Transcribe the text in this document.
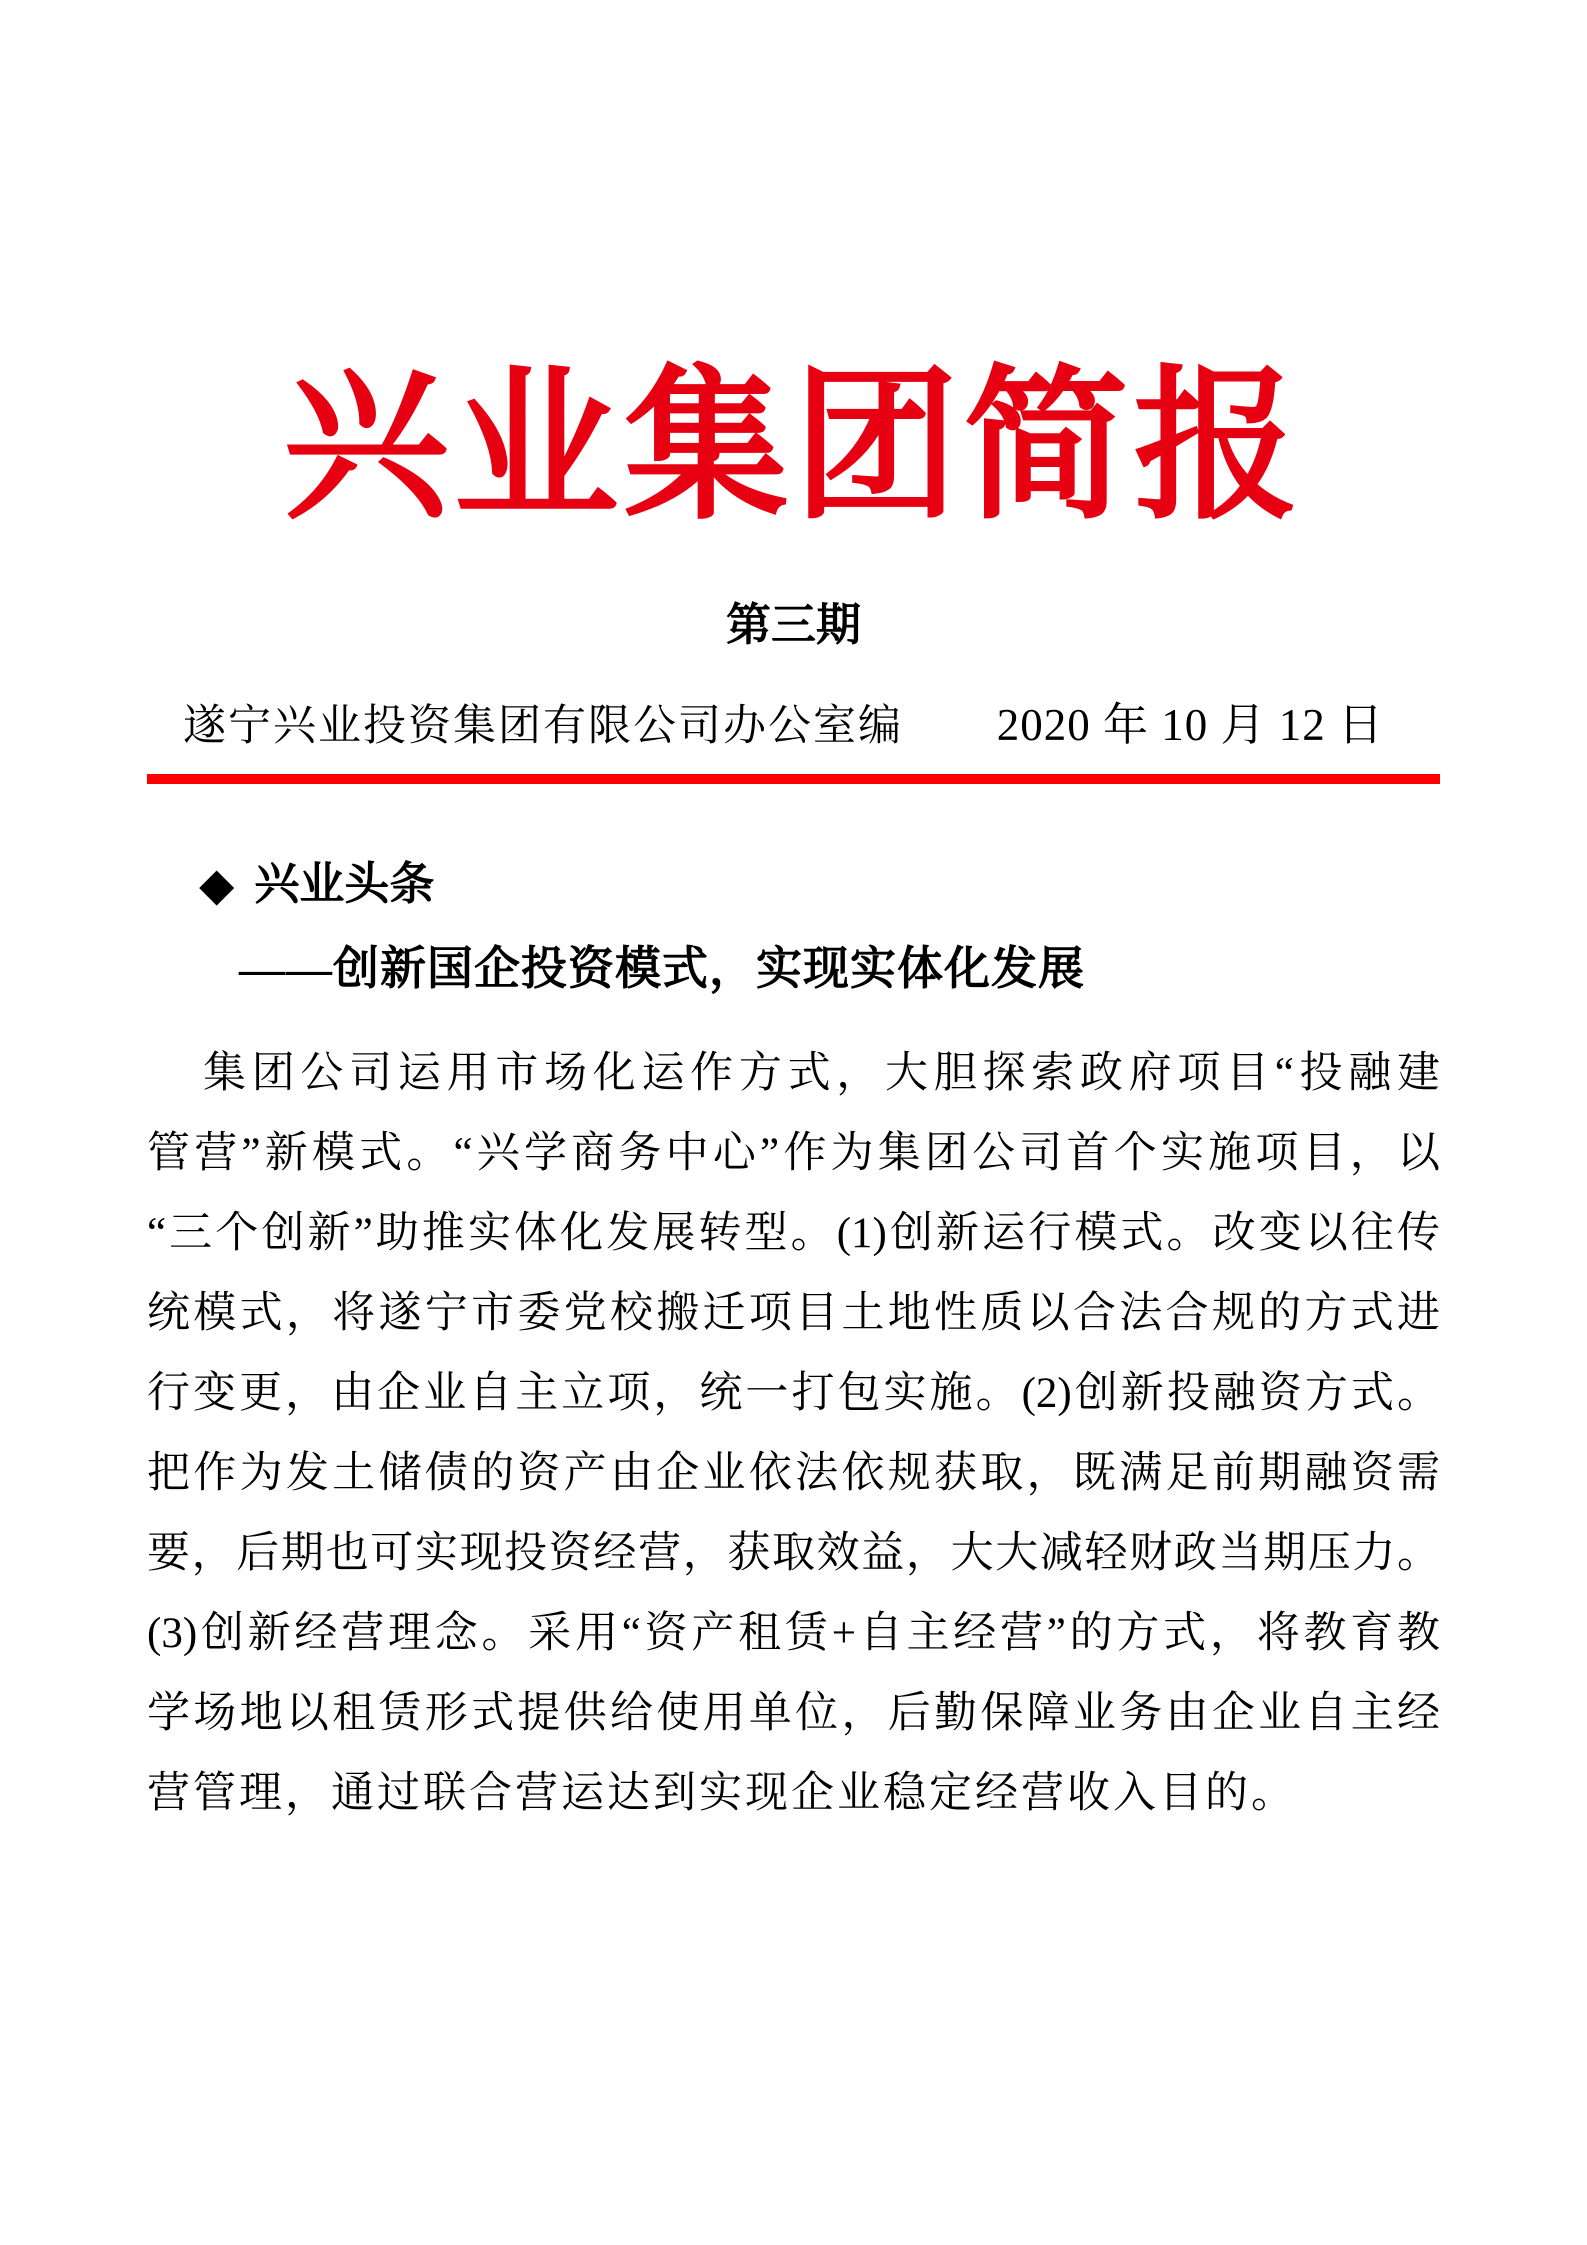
兴业集团简报
第三期
遂宁兴业投资集团有限公司办公室编 2020 年 10 月 12 日
◆ 兴业头条
——创新国企投资模式，实现实体化发展
集团公司运用市场化运作方式，大胆探索政府项目“投融建
管营”新模式。“兴学商务中心”作为集团公司首个实施项目，以
“三个创新”助推实体化发展转型。(1)创新运行模式。改变以往传
统模式，将遂宁市委党校搬迁项目土地性质以合法合规的方式进
行变更，由企业自主立项，统一打包实施。(2)创新投融资方式。
把作为发土储债的资产由企业依法依规获取，既满足前期融资需
要，后期也可实现投资经营，获取效益，大大减轻财政当期压力。
(3)创新经营理念。采用“资产租赁+自主经营”的方式，将教育教
学场地以租赁形式提供给使用单位，后勤保障业务由企业自主经
营管理，通过联合营运达到实现企业稳定经营收入目的。
